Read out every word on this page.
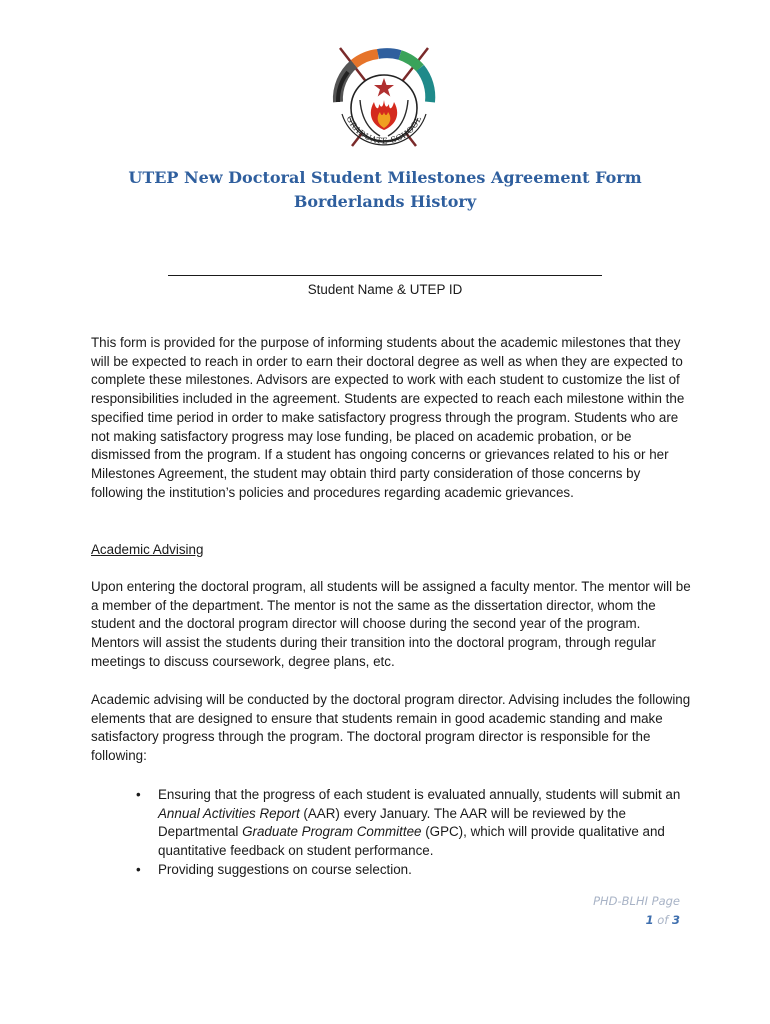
GRADUATE SCHOOL

UTEP New Doctoral Student Milestones Agreement Form

Borderlands History

Student Name & UTEP ID

This form is provided for the purpose of informing students about the academic milestones that they will be expected to reach in order to earn their doctoral degree as well as when they are expected to complete these milestones. Advisors are expected to work with each student to customize the list of responsibilities included in the agreement. Students are expected to reach each milestone within the specified time period in order to make satisfactory progress through the program. Students who are not making satisfactory progress may lose funding, be placed on academic probation, or be dismissed from the program. If a student has ongoing concerns or grievances related to his or her Milestones Agreement, the student may obtain third party consideration of those concerns by following the institution’s policies and procedures regarding academic grievances.

Academic Advising

Upon entering the doctoral program, all students will be assigned a faculty mentor. The mentor will be a member of the department. The mentor is not the same as the dissertation director, whom the student and the doctoral program director will choose during the second year of the program. Mentors will assist the students during their transition into the doctoral program, through regular meetings to discuss coursework, degree plans, etc.

Academic advising will be conducted by the doctoral program director. Advising includes the following elements that are designed to ensure that students remain in good academic standing and make satisfactory progress through the program. The doctoral program director is responsible for the following:

• Ensuring that the progress of each student is evaluated annually, students will submit an Annual Activities Report (AAR) every January. The AAR will be reviewed by the Departmental Graduate Program Committee (GPC), which will provide qualitative and quantitative feedback on student performance.
• Providing suggestions on course selection.
PHD-BLHI Page
1 of 3
